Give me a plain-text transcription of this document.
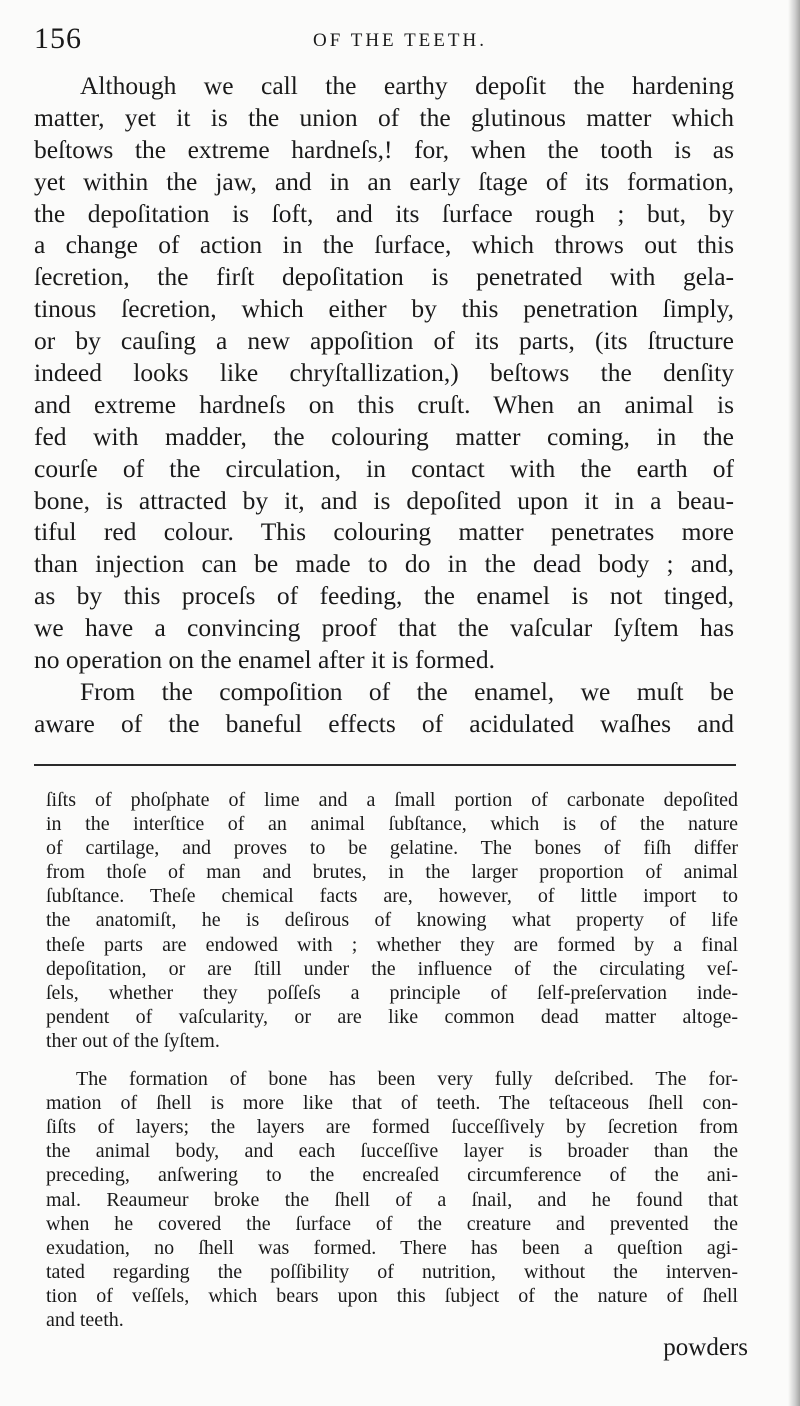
156	OF THE TEETH.
Although we call the earthy depoſit the hardening
matter, yet it is the union of the glutinous matter which
beſtows the extreme hardneſs,! for, when the tooth is as
yet within the jaw, and in an early ſtage of its formation,
the depoſitation is ſoft, and its ſurface rough ; but, by
a change of action in the ſurface, which throws out this
ſecretion, the firſt depoſitation is penetrated with gela-
tinous ſecretion, which either by this penetration ſimply,
or by cauſing a new appoſition of its parts, (its ſtructure
indeed looks like chryſtallization,) beſtows the denſity
and extreme hardneſs on this cruſt. When an animal is
fed with madder, the colouring matter coming, in the
courſe of the circulation, in contact with the earth of
bone, is attracted by it, and is depoſited upon it in a beau-
tiful red colour. This colouring matter penetrates more
than injection can be made to do in the dead body ; and,
as by this proceſs of feeding, the enamel is not tinged,
we have a convincing proof that the vaſcular ſyſtem has
no operation on the enamel after it is formed.
From the compoſition of the enamel, we muſt be
aware of the baneful effects of acidulated waſhes and
ſiſts of phoſphate of lime and a ſmall portion of carbonate depoſited
in the interſtice of an animal ſubſtance, which is of the nature
of cartilage, and proves to be gelatine. The bones of fiſh differ
from thoſe of man and brutes, in the larger proportion of animal
ſubſtance. Theſe chemical facts are, however, of little import to
the anatomiſt, he is deſirous of knowing what property of life
theſe parts are endowed with ; whether they are formed by a final
depoſitation, or are ſtill under the influence of the circulating veſ-
ſels, whether they poſſeſs a principle of ſelf-preſervation inde-
pendent of vaſcularity, or are like common dead matter altoge-
ther out of the ſyſtem.
The formation of bone has been very fully deſcribed. The for-
mation of ſhell is more like that of teeth. The teſtaceous ſhell con-
ſiſts of layers; the layers are formed ſucceſſively by ſecretion from
the animal body, and each ſucceſſive layer is broader than the
preceding, anſwering to the encreaſed circumference of the ani-
mal. Reaumeur broke the ſhell of a ſnail, and he found that
when he covered the ſurface of the creature and prevented the
exudation, no ſhell was formed. There has been a queſtion agi-
tated regarding the poſſibility of nutrition, without the interven-
tion of veſſels, which bears upon this ſubject of the nature of ſhell
and teeth.
powders
